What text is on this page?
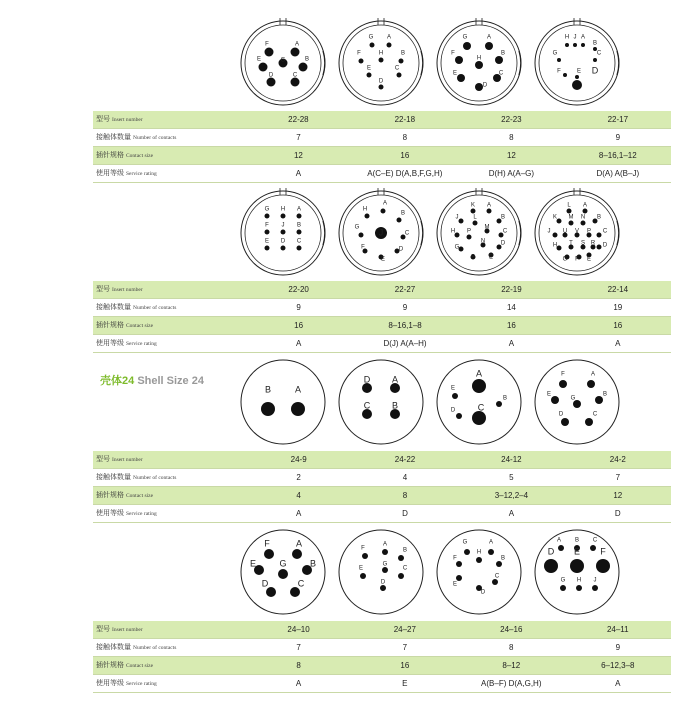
F	A
E	B
G
D	C
G A
F	H	B
E	C
D
G	A
F	B
H
E	C
D
H A
J
B
G	C
F	E D
型号 Insert number	22-28	22-18	22-23	22-17
接触体数量 Number of contacts	7	8	8	9
插针规格 Contact size	12	16	12	8–16,1–12
使用等级 Service rating	A	A(C–E) D(A,B,F,G,H)	D(H) A(A–G)	D(A) A(B–J)
G H A
F J B
E D C
H
A
B
G J	C
F	D
E
K A
J L	B
H P
M
C
G
N	D
F E
L A
K M N B
J U V P C
H T S R D
G F E
型号 Insert number	22-20	22-27	22-19	22-14
接触体数量 Number of contacts	9	9	14	19
插针规格 Contact size	16	8–16,1–8	16	16
使用等级 Service rating	A	D(J) A(A–H)	A	A
壳体24 Shell Size 24
B	A
D A
C B
E
A
B
D	C
F	A
E
G
B
D	C
型号 Insert number	24-9	24-22	24-12	24-2
接触体数量 Number of contacts	2	4	5	7
插针规格 Contact size	4	8	3–12,2–4	12
使用等级 Service rating	A	D	A	D
F	A
E	G	B
D	C
F
A
B
G
E	C
D
G	A
H
F	B
E
C
D
A B C
D E F
G H J
型号 Insert number	24–10	24–27	24–16	24–11
接触体数量 Number of contacts	7	7	8	9
插针规格 Contact size	8	16	8–12	6–12,3–8
使用等级 Service rating	A	E	A(B–F) D(A,G,H)	A
